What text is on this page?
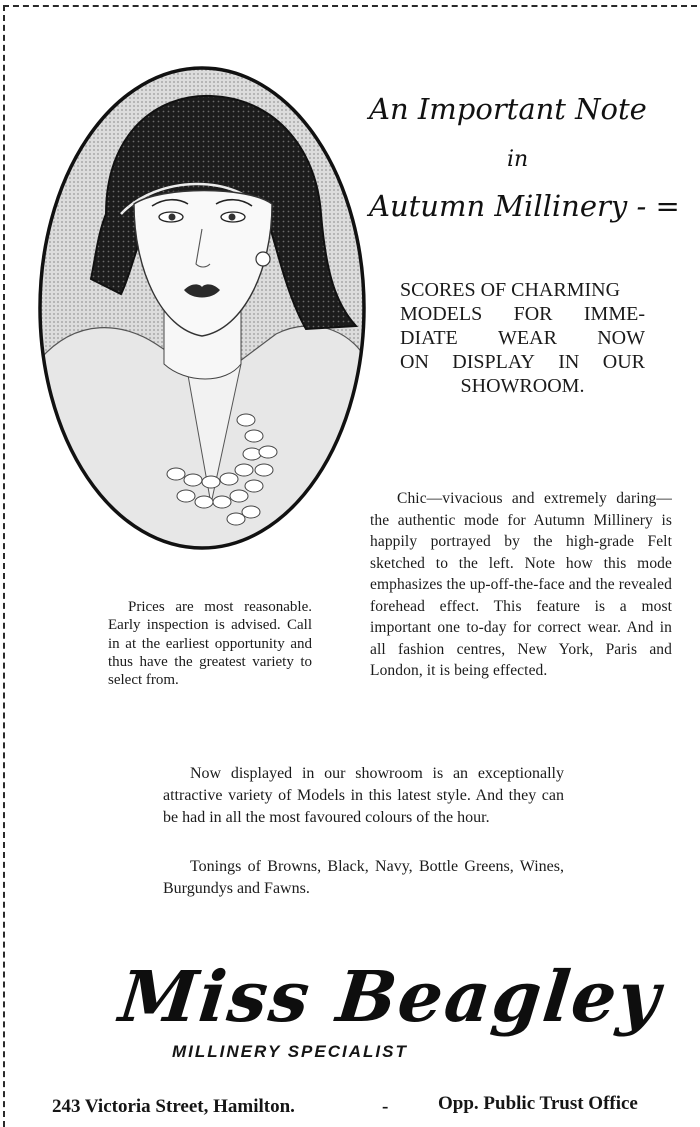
An Important Note
in
Autumn Millinery - =
SCORES OF CHARMING
MODELS FOR IMME-
DIATE WEAR NOW
ON DISPLAY IN OUR
SHOWROOM.

Chic—vivacious and extremely daring—the authentic mode for Autumn Millinery is happily portrayed by the high-grade Felt sketched to the left. Note how this mode emphasizes the up-off-the-face and the revealed forehead effect. This feature is a most important one to-day for correct wear. And in all fashion centres, New York, Paris and London, it is being effected.

Prices are most reasonable. Early inspection is advised. Call in at the earliest opportunity and thus have the greatest variety to select from.

Now displayed in our showroom is an exceptionally attractive variety of Models in this latest style. And they can be had in all the most favoured colours of the hour.

Tonings of Browns, Black, Navy, Bottle Greens, Wines, Burgundys and Fawns.

Miss Beagley
MILLINERY SPECIALIST
243 Victoria Street, Hamilton.	-	Opp. Public Trust Office
